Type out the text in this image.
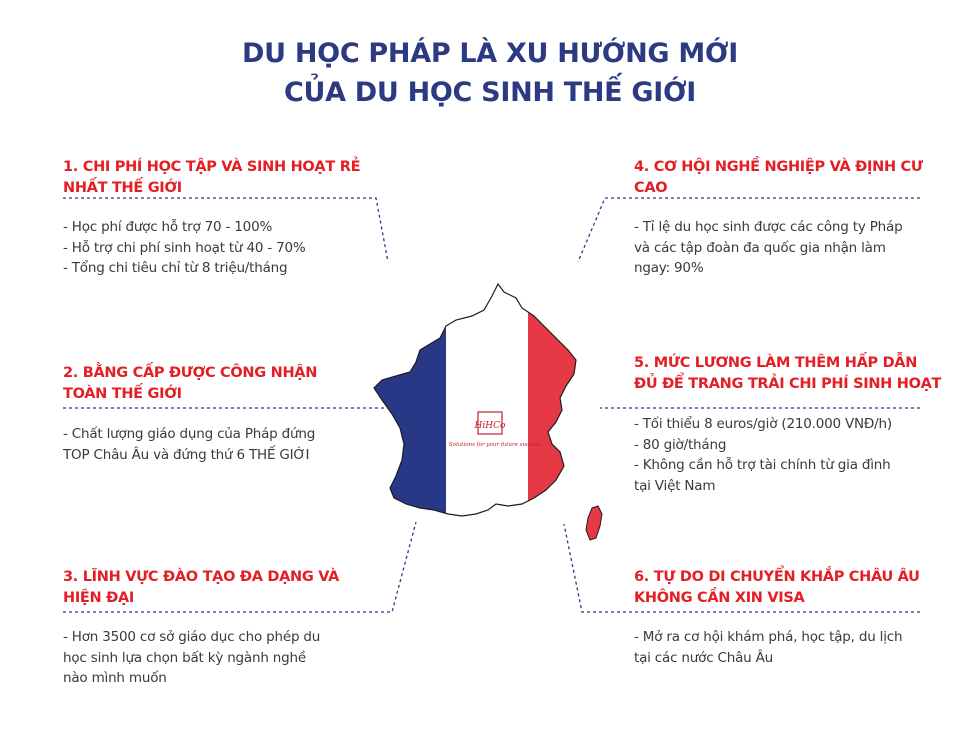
DU HỌC PHÁP LÀ XU HƯỚNG MỚI
CỦA DU HỌC SINH THẾ GIỚI
HiHCo
Solutions for your future success
1. CHI PHÍ HỌC TẬP VÀ SINH HOẠT RẺ
NHẤT THẾ GIỚI
- Học phí được hỗ trợ 70 - 100%
- Hỗ trợ chi phí sinh hoạt từ 40 - 70%
- Tổng chi tiêu chỉ từ 8 triệu/tháng
2. BẰNG CẤP ĐƯỢC CÔNG NHẬN
TOÀN THẾ GIỚI
- Chất lượng giáo dụng của Pháp đứng
TOP Châu Âu và đứng thứ 6 THẾ GIỚI
3. LĨNH VỰC ĐÀO TẠO ĐA DẠNG VÀ
HIỆN ĐẠI
- Hơn 3500 cơ sở giáo dục cho phép du
học sinh lựa chọn bất kỳ ngành nghề
nào mình muốn
4. CƠ HỘI NGHỀ NGHIỆP VÀ ĐỊNH CƯ
CAO
- Tỉ lệ du học sinh được các công ty Pháp
và các tập đoàn đa quốc gia nhận làm
ngay: 90%
5. MỨC LƯƠNG LÀM THÊM HẤP DẪN
ĐỦ ĐỂ TRANG TRẢI CHI PHÍ SINH HOẠT
- Tối thiểu 8 euros/giờ (210.000 VNĐ/h)
- 80 giờ/tháng
- Không cần hỗ trợ tài chính từ gia đình
tại Việt Nam
6. TỰ DO DI CHUYỂN KHẮP CHÂU ÂU
KHÔNG CẦN XIN VISA
- Mở ra cơ hội khám phá, học tập, du lịch
tại các nước Châu Âu
